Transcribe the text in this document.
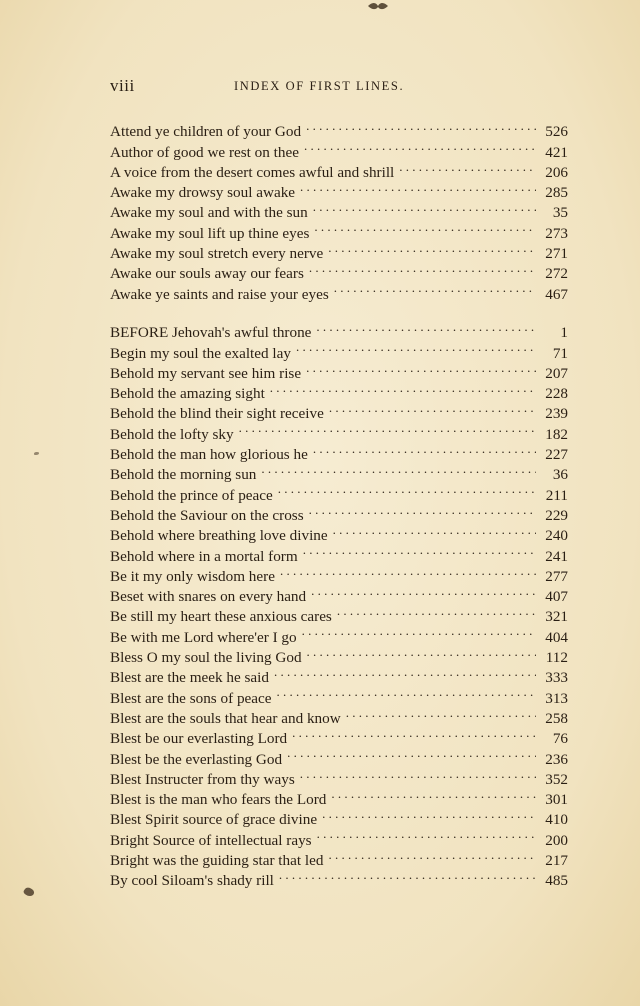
viii	INDEX OF FIRST LINES.
Attend ye children of your God . . .	526
Author of good we rest on thee . . .	421
A voice from the desert comes awful and shrill . . .	206
Awake my drowsy soul awake . . .	285
Awake my soul and with the sun . . .	35
Awake my soul lift up thine eyes . . .	273
Awake my soul stretch every nerve . . .	271
Awake our souls away our fears . . .	272
Awake ye saints and raise your eyes . . .	467
BEFORE Jehovah's awful throne . . .	1
Begin my soul the exalted lay . . .	71
Behold my servant see him rise . . .	207
Behold the amazing sight . . .	228
Behold the blind their sight receive . . .	239
Behold the lofty sky . . .	182
Behold the man how glorious he . . .	227
Behold the morning sun . . .	36
Behold the prince of peace . . .	211
Behold the Saviour on the cross . . .	229
Behold where breathing love divine . . .	240
Behold where in a mortal form . . .	241
Be it my only wisdom here . . .	277
Beset with snares on every hand . . .	407
Be still my heart these anxious cares . . .	321
Be with me Lord where'er I go . . .	404
Bless O my soul the living God . . .	112
Blest are the meek he said . . .	333
Blest are the sons of peace . . .	313
Blest are the souls that hear and know . . .	258
Blest be our everlasting Lord . . .	76
Blest be the everlasting God . . .	236
Blest Instructer from thy ways . . .	352
Blest is the man who fears the Lord . . .	301
Blest Spirit source of grace divine . . .	410
Bright Source of intellectual rays . . .	200
Bright was the guiding star that led . . .	217
By cool Siloam's shady rill . . .	485
